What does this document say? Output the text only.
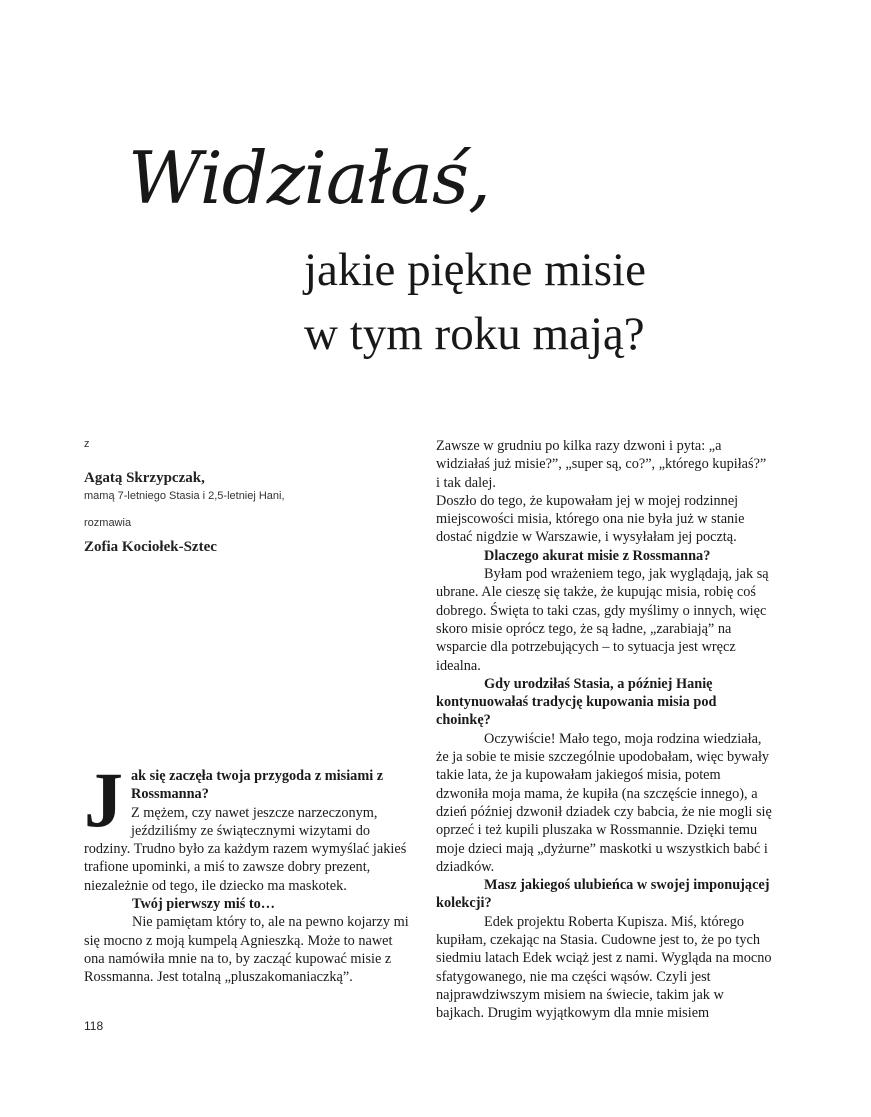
Widziałaś,
jakie piękne misie
w tym roku mają?
z
Agatą Skrzypczak,
mamą 7-letniego Stasia i 2,5-letniej Hani,
rozmawia
Zofia Kociołek-Sztec
J ak się zaczęła twoja przygoda z misiami z Rossmanna?

Z mężem, czy nawet jeszcze narzeczonym, jeździliśmy ze świątecznymi wizytami do rodziny. Trudno było za każdym razem wymyślać jakieś trafione upominki, a miś to zawsze dobry prezent, niezależnie od tego, ile dziecko ma maskotek.

Twój pierwszy miś to…

Nie pamiętam który to, ale na pewno kojarzy mi się mocno z moją kumpelą Agnieszką. Może to nawet ona namówiła mnie na to, by zacząć kupować misie z Rossmanna. Jest totalną „pluszakomaniaczką”.

Zawsze w grudniu po kilka razy dzwoni i pyta: „a widziałaś już misie?”, „super są, co?”, „którego kupiłaś?” i tak dalej.

Doszło do tego, że kupowałam jej w mojej rodzinnej miejscowości misia, którego ona nie była już w stanie dostać nigdzie w Warszawie, i wysyłałam jej pocztą.

Dlaczego akurat misie z Rossmanna?

Byłam pod wrażeniem tego, jak wyglądają, jak są ubrane. Ale cieszę się także, że kupując misia, robię coś dobrego. Święta to taki czas, gdy myślimy o innych, więc skoro misie oprócz tego, że są ładne, „zarabiają” na wsparcie dla potrzebujących – to sytuacja jest wręcz idealna.

Gdy urodziłaś Stasia, a później Hanię kontynuowałaś tradycję kupowania misia pod choinkę?

Oczywiście! Mało tego, moja rodzina wiedziała, że ja sobie te misie szczególnie upodobałam, więc bywały takie lata, że ja kupowałam jakiegoś misia, potem dzwoniła moja mama, że kupiła (na szczęście innego), a dzień później dzwonił dziadek czy babcia, że nie mogli się oprzeć i też kupili pluszaka w Rossmannie. Dzięki temu moje dzieci mają „dyżurne” maskotki u wszystkich babć i dziadków.

Masz jakiegoś ulubieńca w swojej imponującej kolekcji?

Edek projektu Roberta Kupisza. Miś, którego kupiłam, czekając na Stasia. Cudowne jest to, że po tych siedmiu latach Edek wciąż jest z nami. Wygląda na mocno sfatygowanego, nie ma części wąsów. Czyli jest najprawdziwszym misiem na świecie, takim jak w bajkach. Drugim wyjątkowym dla mnie misiem

118
